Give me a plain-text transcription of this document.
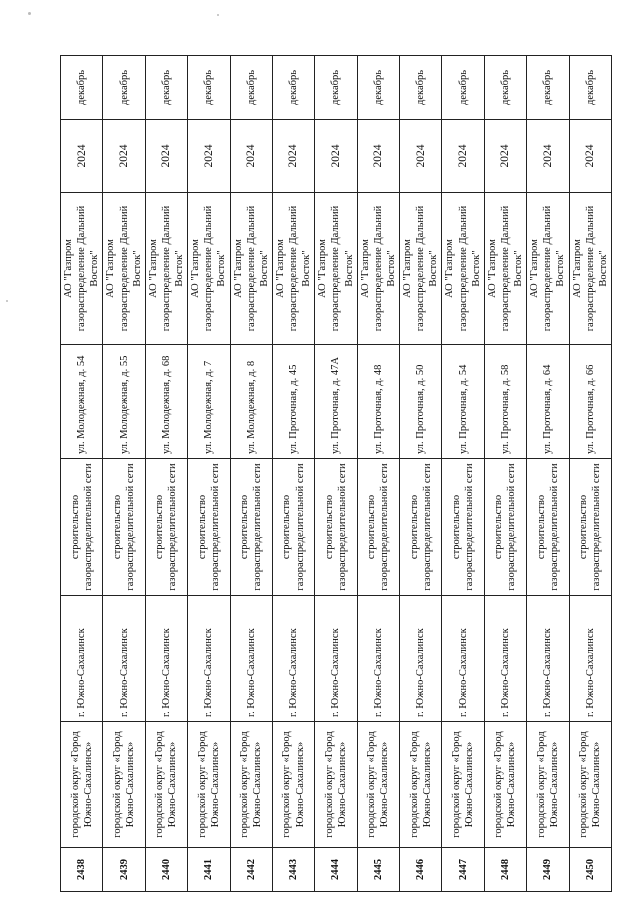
2438	городской округ «Город Южно-Сахалинск»	г. Южно-Сахалинск	строительство газораспределительной сети	ул. Молодежная, д. 54	АО "Газпром газораспределение Дальний Восток"	2024	декабрь
2439	городской округ «Город Южно-Сахалинск»	г. Южно-Сахалинск	строительство газораспределительной сети	ул. Молодежная, д. 55	АО "Газпром газораспределение Дальний Восток"	2024	декабрь
2440	городской округ «Город Южно-Сахалинск»	г. Южно-Сахалинск	строительство газораспределительной сети	ул. Молодежная, д. 68	АО "Газпром газораспределение Дальний Восток"	2024	декабрь
2441	городской округ «Город Южно-Сахалинск»	г. Южно-Сахалинск	строительство газораспределительной сети	ул. Молодежная, д. 7	АО "Газпром газораспределение Дальний Восток"	2024	декабрь
2442	городской округ «Город Южно-Сахалинск»	г. Южно-Сахалинск	строительство газораспределительной сети	ул. Молодежная, д. 8	АО "Газпром газораспределение Дальний Восток"	2024	декабрь
2443	городской округ «Город Южно-Сахалинск»	г. Южно-Сахалинск	строительство газораспределительной сети	ул. Проточная, д. 45	АО "Газпром газораспределение Дальний Восток"	2024	декабрь
2444	городской округ «Город Южно-Сахалинск»	г. Южно-Сахалинск	строительство газораспределительной сети	ул. Проточная, д. 47А	АО "Газпром газораспределение Дальний Восток"	2024	декабрь
2445	городской округ «Город Южно-Сахалинск»	г. Южно-Сахалинск	строительство газораспределительной сети	ул. Проточная, д. 48	АО "Газпром газораспределение Дальний Восток"	2024	декабрь
2446	городской округ «Город Южно-Сахалинск»	г. Южно-Сахалинск	строительство газораспределительной сети	ул. Проточная, д. 50	АО "Газпром газораспределение Дальний Восток"	2024	декабрь
2447	городской округ «Город Южно-Сахалинск»	г. Южно-Сахалинск	строительство газораспределительной сети	ул. Проточная, д. 54	АО "Газпром газораспределение Дальний Восток"	2024	декабрь
2448	городской округ «Город Южно-Сахалинск»	г. Южно-Сахалинск	строительство газораспределительной сети	ул. Проточная, д. 58	АО "Газпром газораспределение Дальний Восток"	2024	декабрь
2449	городской округ «Город Южно-Сахалинск»	г. Южно-Сахалинск	строительство газораспределительной сети	ул. Проточная, д. 64	АО "Газпром газораспределение Дальний Восток"	2024	декабрь
2450	городской округ «Город Южно-Сахалинск»	г. Южно-Сахалинск	строительство газораспределительной сети	ул. Проточная, д. 66	АО "Газпром газораспределение Дальний Восток"	2024	декабрь
